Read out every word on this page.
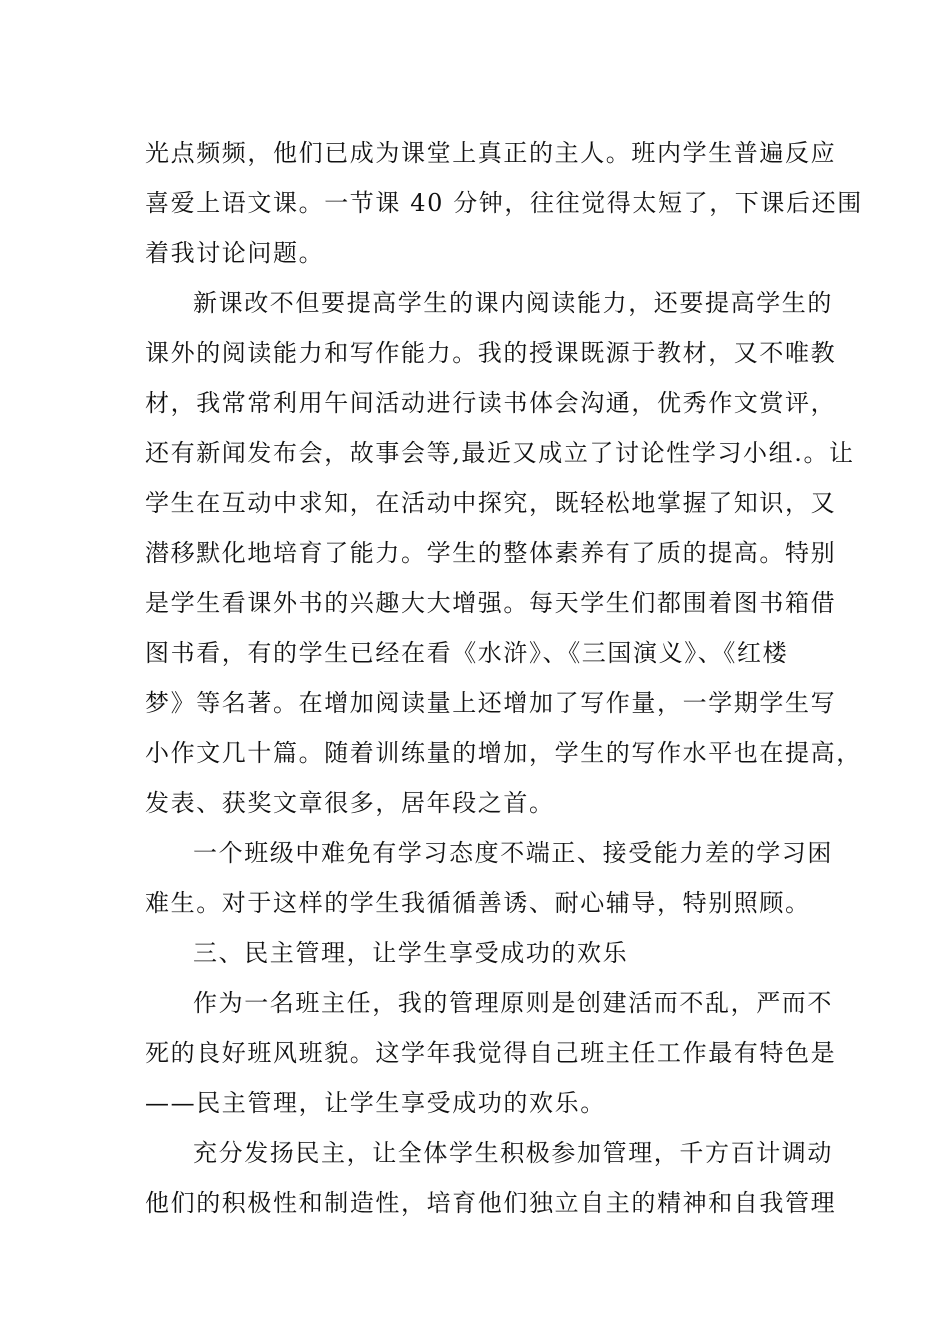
光点频频，他们已成为课堂上真正的主人。班内学生普遍反应
喜爱上语文课。一节课 40 分钟，往往觉得太短了，下课后还围
着我讨论问题。
新课改不但要提高学生的课内阅读能力，还要提高学生的
课外的阅读能力和写作能力。我的授课既源于教材，又不唯教
材，我常常利用午间活动进行读书体会沟通，优秀作文赏评，
还有新闻发布会，故事会等,最近又成立了讨论性学习小组.。让
学生在互动中求知，在活动中探究，既轻松地掌握了知识，又
潜移默化地培育了能力。学生的整体素养有了质的提高。特别
是学生看课外书的兴趣大大增强。每天学生们都围着图书箱借
图书看，有的学生已经在看《水浒》、《三国演义》、《红楼
梦》等名著。在增加阅读量上还增加了写作量，一学期学生写
小作文几十篇。随着训练量的增加，学生的写作水平也在提高，
发表、获奖文章很多，居年段之首。
一个班级中难免有学习态度不端正、接受能力差的学习困
难生。对于这样的学生我循循善诱、耐心辅导，特别照顾。
三、民主管理，让学生享受成功的欢乐
作为一名班主任，我的管理原则是创建活而不乱，严而不
死的良好班风班貌。这学年我觉得自己班主任工作最有特色是
——民主管理，让学生享受成功的欢乐。
充分发扬民主，让全体学生积极参加管理，千方百计调动
他们的积极性和制造性，培育他们独立自主的精神和自我管理
